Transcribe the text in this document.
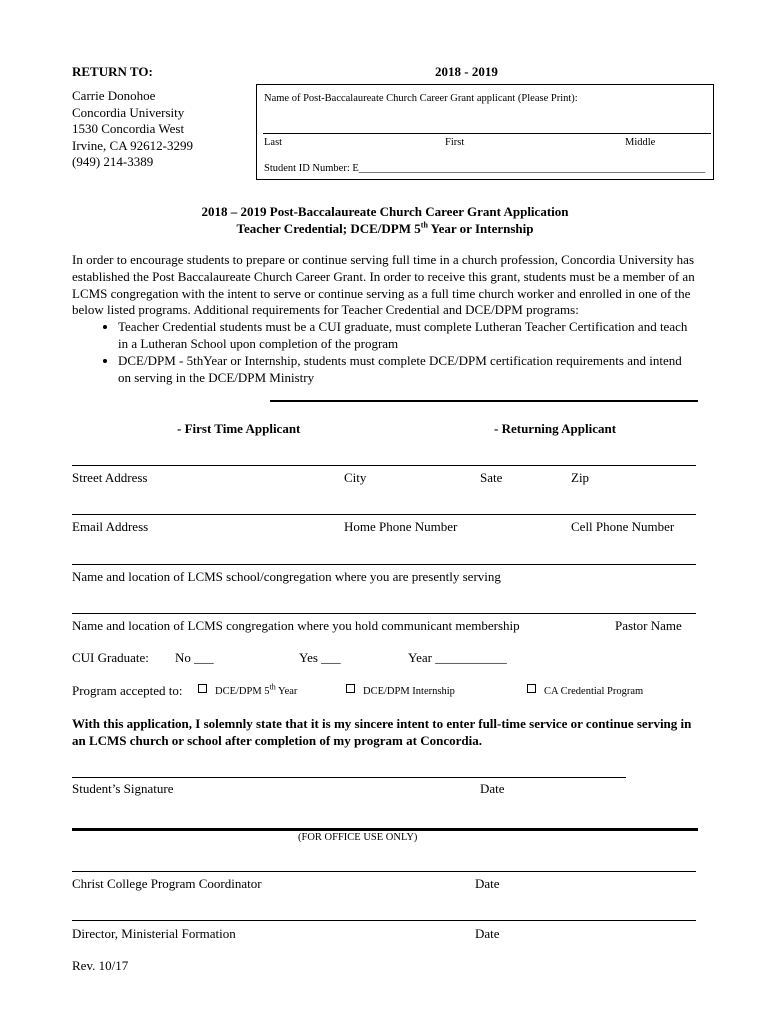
RETURN TO:	2018 - 2019
Carrie Donohoe
Concordia University
1530 Concordia West
Irvine, CA 92612-3299
(949) 214-3389
Name of Post-Baccalaureate Church Career Grant applicant (Please Print):
Last	First	Middle
Student ID Number: E__________________________________________________________________
2018 – 2019 Post-Baccalaureate Church Career Grant Application
Teacher Credential; DCE/DPM 5th Year or Internship

In order to encourage students to prepare or continue serving full time in a church profession, Concordia University has established the Post Baccalaureate Church Career Grant. In order to receive this grant, students must be a member of an LCMS congregation with the intent to serve or continue serving as a full time church worker and enrolled in one of the below listed programs. Additional requirements for Teacher Credential and DCE/DPM programs:

• Teacher Credential students must be a CUI graduate, must complete Lutheran Teacher Certification and teach in a Lutheran School upon completion of the program
• DCE/DPM - 5thYear or Internship, students must complete DCE/DPM certification requirements and intend on serving in the DCE/DPM Ministry
- First Time Applicant	- Returning Applicant
Street Address	City	Sate	Zip
Email Address	Home Phone Number	Cell Phone Number
Name and location of LCMS school/congregation where you are presently serving
Name and location of LCMS congregation where you hold communicant membership	Pastor Name
CUI Graduate: No ___	Yes ___	Year ___________
Program accepted to:	DCE/DPM 5th Year	DCE/DPM Internship	CA Credential Program
With this application, I solemnly state that it is my sincere intent to enter full-time service or continue serving in an LCMS church or school after completion of my program at Concordia.
Student’s Signature	Date
(FOR OFFICE USE ONLY)
Christ College Program Coordinator	Date
Director, Ministerial Formation	Date
Rev. 10/17
